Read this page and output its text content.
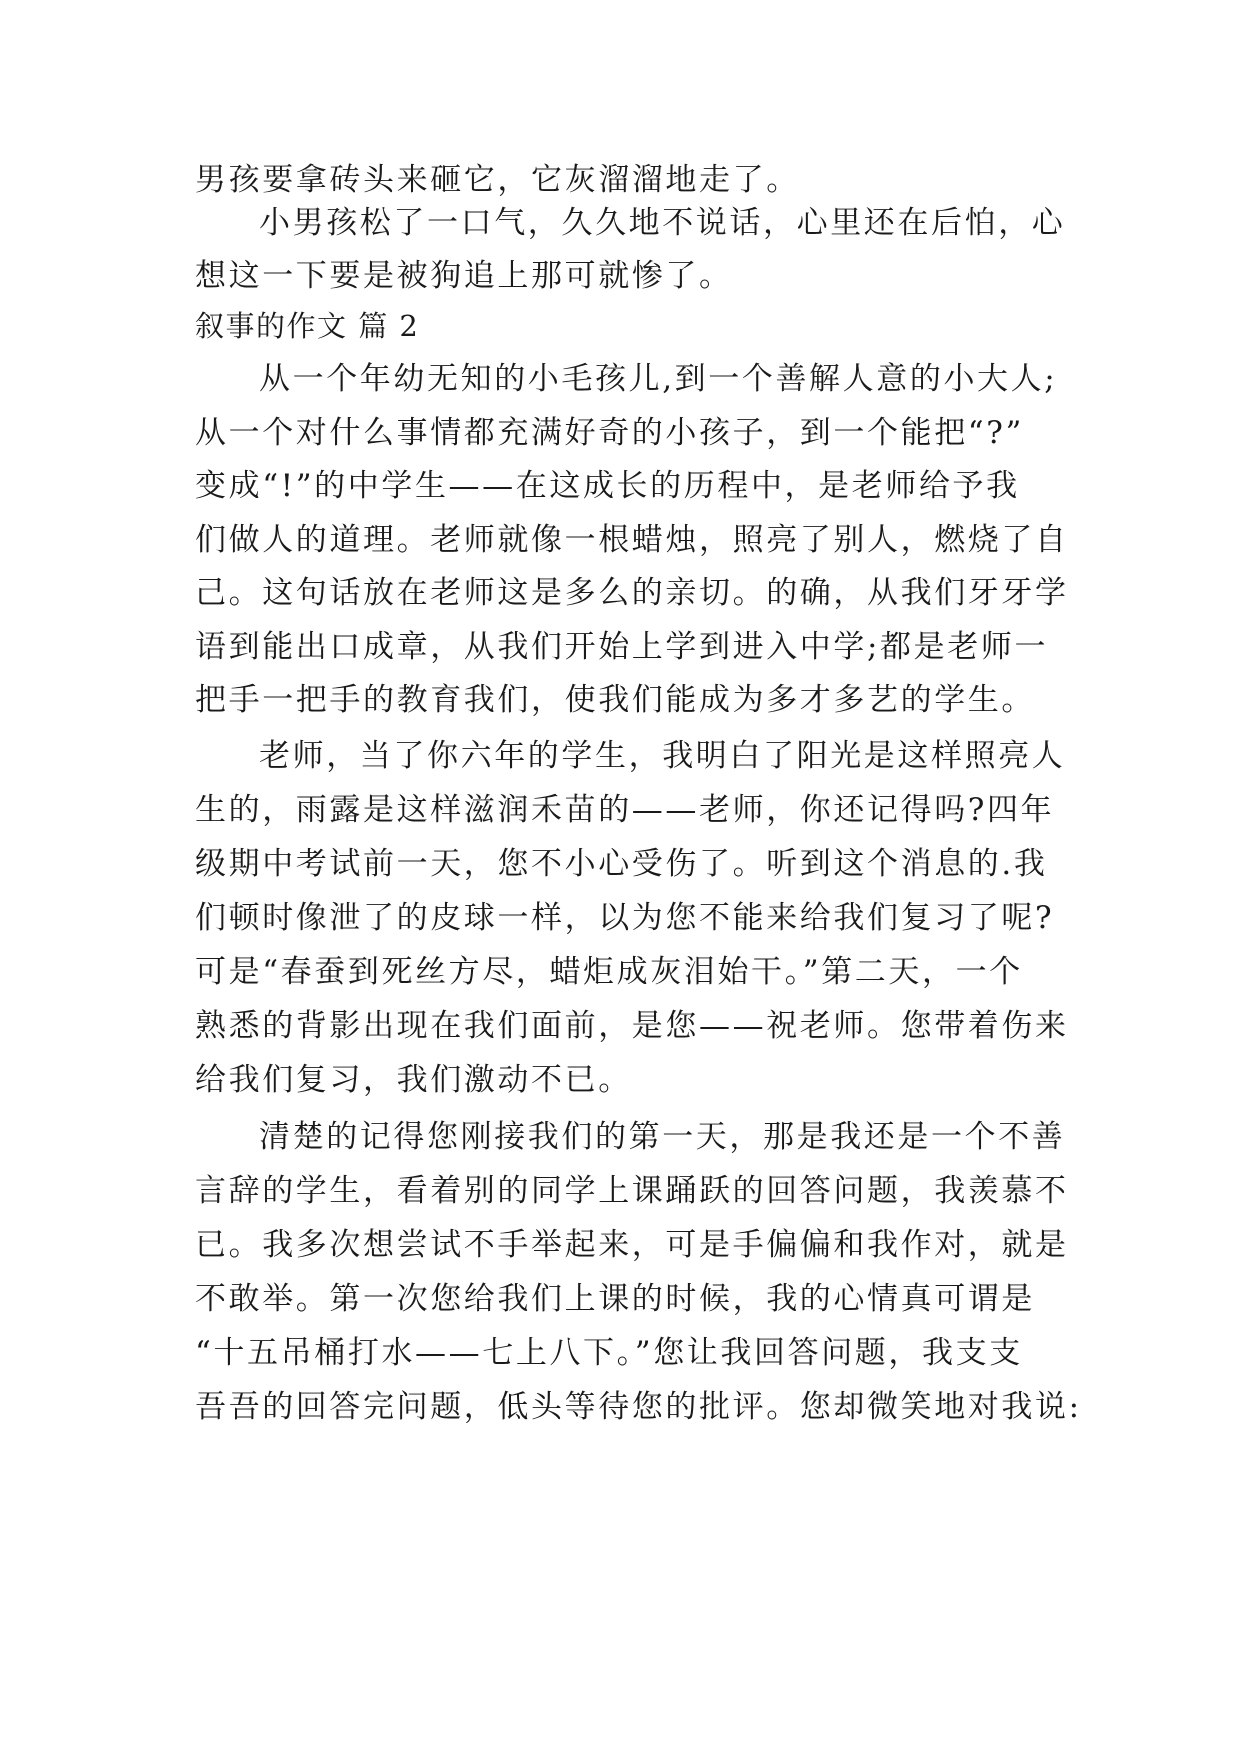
男孩要拿砖头来砸它，它灰溜溜地走了。
小男孩松了一口气，久久地不说话，心里还在后怕，心
想这一下要是被狗追上那可就惨了。
叙事的作文 篇 2
从一个年幼无知的小毛孩儿,到一个善解人意的小大人;
从一个对什么事情都充满好奇的小孩子，到一个能把“?”
变成“!”的中学生——在这成长的历程中，是老师给予我
们做人的道理。老师就像一根蜡烛，照亮了别人，燃烧了自
己。这句话放在老师这是多么的亲切。的确，从我们牙牙学
语到能出口成章，从我们开始上学到进入中学;都是老师一
把手一把手的教育我们，使我们能成为多才多艺的学生。
老师，当了你六年的学生，我明白了阳光是这样照亮人
生的，雨露是这样滋润禾苗的——老师，你还记得吗?四年
级期中考试前一天，您不小心受伤了。听到这个消息的.我
们顿时像泄了的皮球一样，以为您不能来给我们复习了呢?
可是“春蚕到死丝方尽，蜡炬成灰泪始干。”第二天，一个
熟悉的背影出现在我们面前，是您——祝老师。您带着伤来
给我们复习，我们激动不已。
清楚的记得您刚接我们的第一天，那是我还是一个不善
言辞的学生，看着别的同学上课踊跃的回答问题，我羡慕不
已。我多次想尝试不手举起来，可是手偏偏和我作对，就是
不敢举。第一次您给我们上课的时候，我的心情真可谓是
“十五吊桶打水——七上八下。”您让我回答问题，我支支
吾吾的回答完问题，低头等待您的批评。您却微笑地对我说:
